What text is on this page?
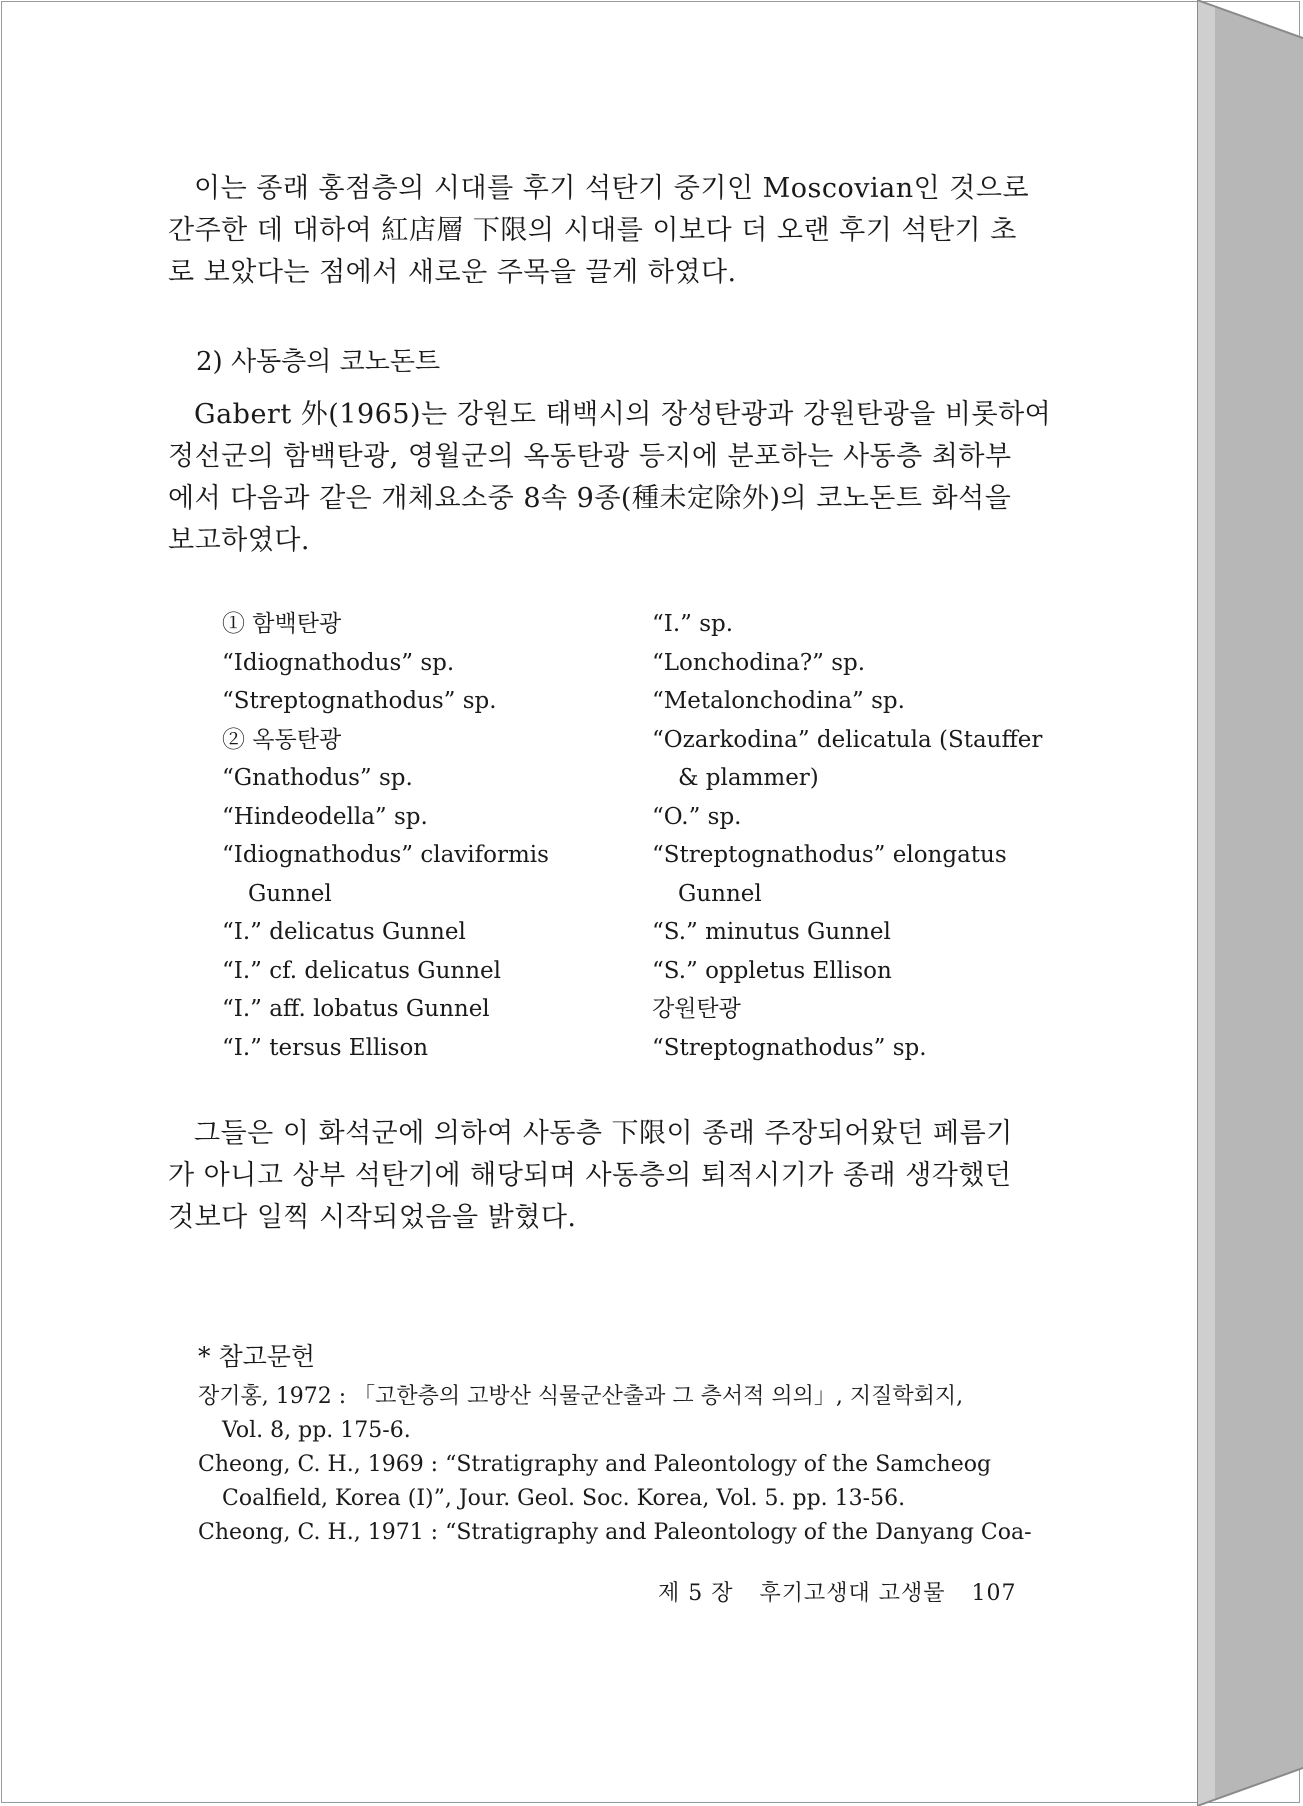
이는 종래 홍점층의 시대를 후기 석탄기 중기인 Moscovian인 것으로
간주한 데 대하여 紅店層 下限의 시대를 이보다 더 오랜 후기 석탄기 초
로 보았다는 점에서 새로운 주목을 끌게 하였다.
2) 사동층의 코노돈트
Gabert 外(1965)는 강원도 태백시의 장성탄광과 강원탄광을 비롯하여
정선군의 함백탄광, 영월군의 옥동탄광 등지에 분포하는 사동층 최하부
에서 다음과 같은 개체요소중 8속 9종(種未定除外)의 코노돈트 화석을
보고하였다.
① 함백탄광
“Idiognathodus” sp.
“Streptognathodus” sp.
② 옥동탄광
“Gnathodus” sp.
“Hindeodella” sp.
“Idiognathodus” claviformis
Gunnel
“I.” delicatus Gunnel
“I.” cf. delicatus Gunnel
“I.” aff. lobatus Gunnel
“I.” tersus Ellison
“I.” sp.
“Lonchodina?” sp.
“Metalonchodina” sp.
“Ozarkodina” delicatula (Stauffer
& plammer)
“O.” sp.
“Streptognathodus” elongatus
Gunnel
“S.” minutus Gunnel
“S.” oppletus Ellison
강원탄광
“Streptognathodus” sp.
그들은 이 화석군에 의하여 사동층 下限이 종래 주장되어왔던 페름기
가 아니고 상부 석탄기에 해당되며 사동층의 퇴적시기가 종래 생각했던
것보다 일찍 시작되었음을 밝혔다.
* 참고문헌
장기홍, 1972 : 「고한층의 고방산 식물군산출과 그 층서적 의의」, 지질학회지,
Vol. 8, pp. 175-6.
Cheong, C. H., 1969 : “Stratigraphy and Paleontology of the Samcheog
Coalfield, Korea (Ⅰ)”, Jour. Geol. Soc. Korea, Vol. 5. pp. 13-56.
Cheong, C. H., 1971 : “Stratigraphy and Paleontology of the Danyang Coa-
제 5 장 후기고생대 고생물 107
